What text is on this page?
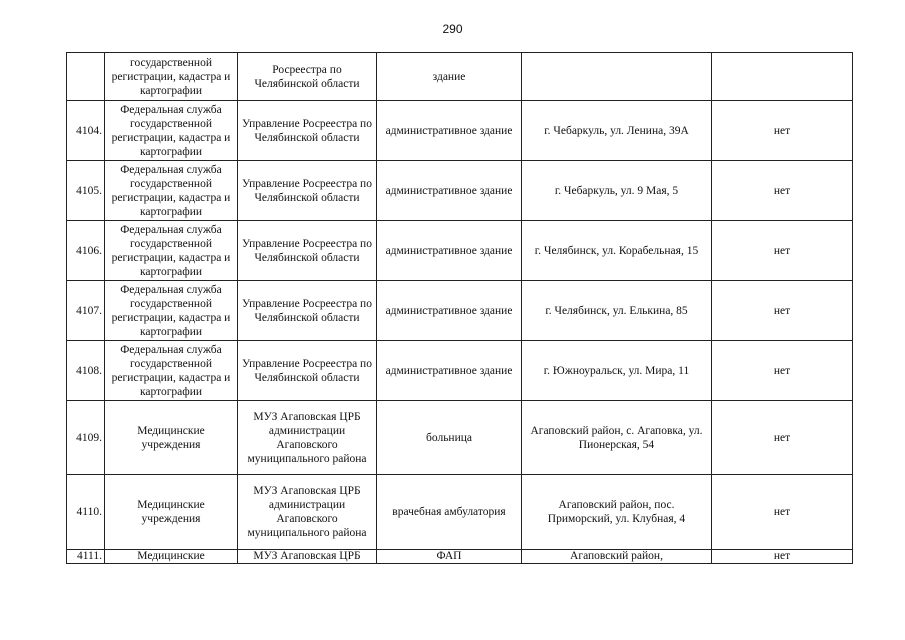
290
	государственной регистрации, кадастра и картографии	Росреестра по Челябинской области	здание		
4104.	Федеральная служба государственной регистрации, кадастра и картографии	Управление Росреестра по Челябинской области	административное здание	г. Чебаркуль, ул. Ленина, 39А	нет
4105.	Федеральная служба государственной регистрации, кадастра и картографии	Управление Росреестра по Челябинской области	административное здание	г. Чебаркуль, ул. 9 Мая, 5	нет
4106.	Федеральная служба государственной регистрации, кадастра и картографии	Управление Росреестра по Челябинской области	административное здание	г. Челябинск, ул. Корабельная, 15	нет
4107.	Федеральная служба государственной регистрации, кадастра и картографии	Управление Росреестра по Челябинской области	административное здание	г. Челябинск, ул. Елькина, 85	нет
4108.	Федеральная служба государственной регистрации, кадастра и картографии	Управление Росреестра по Челябинской области	административное здание	г. Южноуральск, ул. Мира, 11	нет
4109.	Медицинские учреждения	МУЗ Агаповская ЦРБ администрации Агаповского муниципального района	больница	Агаповский район, с. Агаповка, ул. Пионерская, 54	нет
4110.	Медицинские учреждения	МУЗ Агаповская ЦРБ администрации Агаповского муниципального района	врачебная амбулатория	Агаповский район, пос. Приморский, ул. Клубная, 4	нет
4111.	Медицинские	МУЗ Агаповская ЦРБ	ФАП	Агаповский район,	нет
